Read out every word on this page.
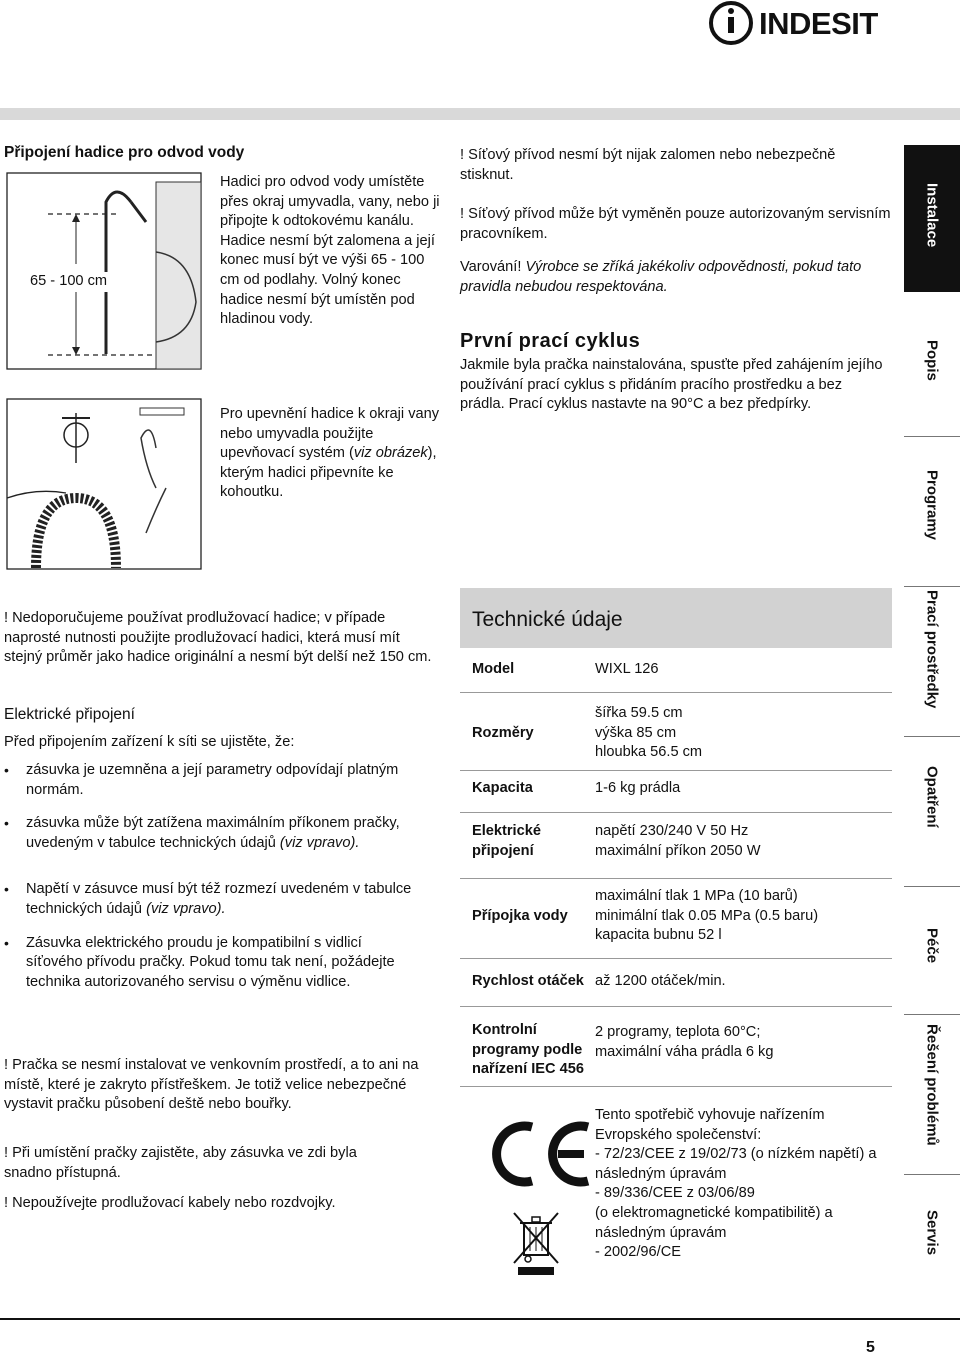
INDESIT
Připojení hadice pro odvod vody
65 - 100 cm
Hadici pro odvod vody umístěte přes okraj umyvadla, vany, nebo ji připojte k odtokovému kanálu. Hadice nesmí být zalomena a její konec musí být ve výši 65 - 100 cm od podlahy. Volný konec hadice nesmí být umístěn pod hladinou vody.
Pro upevnění hadice k okraji vany nebo umyvadla použijte upevňovací systém (viz obrázek), kterým hadici připevníte ke kohoutku.
! Nedoporučujeme používat prodlužovací hadice; v případe naprosté nutnosti použijte prodlužovací hadici, která musí mít stejný průměr jako hadice originální a nesmí být delší než 150 cm.
Elektrické připojení
Před připojením zařízení k síti se ujistěte, že:
• zásuvka je uzemněna a její parametry odpovídají platným normám.
• zásuvka může být zatížena maximálním příkonem pračky, uvedeným v tabulce technických údajů (viz vpravo).
• Napětí v zásuvce musí být též rozmezí uvedeném v tabulce technických údajů (viz vpravo).
• Zásuvka elektrického proudu je kompatibilní s vidlicí síťového přívodu pračky. Pokud tomu tak není, požádejte technika autorizovaného servisu o výměnu vidlice.
! Pračka se nesmí instalovat ve venkovním prostředí, a to ani na místě, které je zakryto přístřeškem. Je totiž velice nebezpečné vystavit pračku působení deště nebo bouřky.
! Při umístění pračky zajistěte, aby zásuvka ve zdi byla snadno přístupná.
! Nepoužívejte prodlužovací kabely nebo rozdvojky.
! Síťový přívod nesmí být nijak zalomen nebo nebezpečně stisknut.
! Síťový přívod může být vyměněn pouze autorizovaným servisním pracovníkem.
Varování! Výrobce se zříká jakékoliv odpovědnosti, pokud tato pravidla nebudou respektována.
První prací cyklus
Jakmile byla pračka nainstalována, spusťte před zahájením jejího používání prací cyklus s přidáním pracího prostředku a bez prádla. Prací cyklus nastavte na 90°C a bez předpírky.
Technické údaje
Model	WIXL 126
Rozměry
šířka 59.5 cm
výška 85 cm
hloubka 56.5 cm
Kapacita	1-6 kg prádla
Elektrické připojení
napětí 230/240 V 50 Hz
maximální příkon 2050 W
Přípojka vody
maximální tlak 1 MPa (10 barů)
minimální tlak 0.05 MPa (0.5 baru)
kapacita bubnu 52 l
Rychlost otáček až 1200 otáček/min.
Kontrolní programy podle nařízení IEC 456
2 programy, teplota 60°C;
maximální váha prádla 6 kg
Tento spotřebič vyhovuje nařízením Evropského společenství:
- 72/23/CEE z 19/02/73 (o nízkém napětí) a následným úpravám
- 89/336/CEE z 03/06/89
(o elektromagnetické kompatibilitě) a následným úpravám
- 2002/96/CE
Instalace
Popis
Programy
Prací prostředky
Opatření
Péče
Řešení problémů
Servis
5
